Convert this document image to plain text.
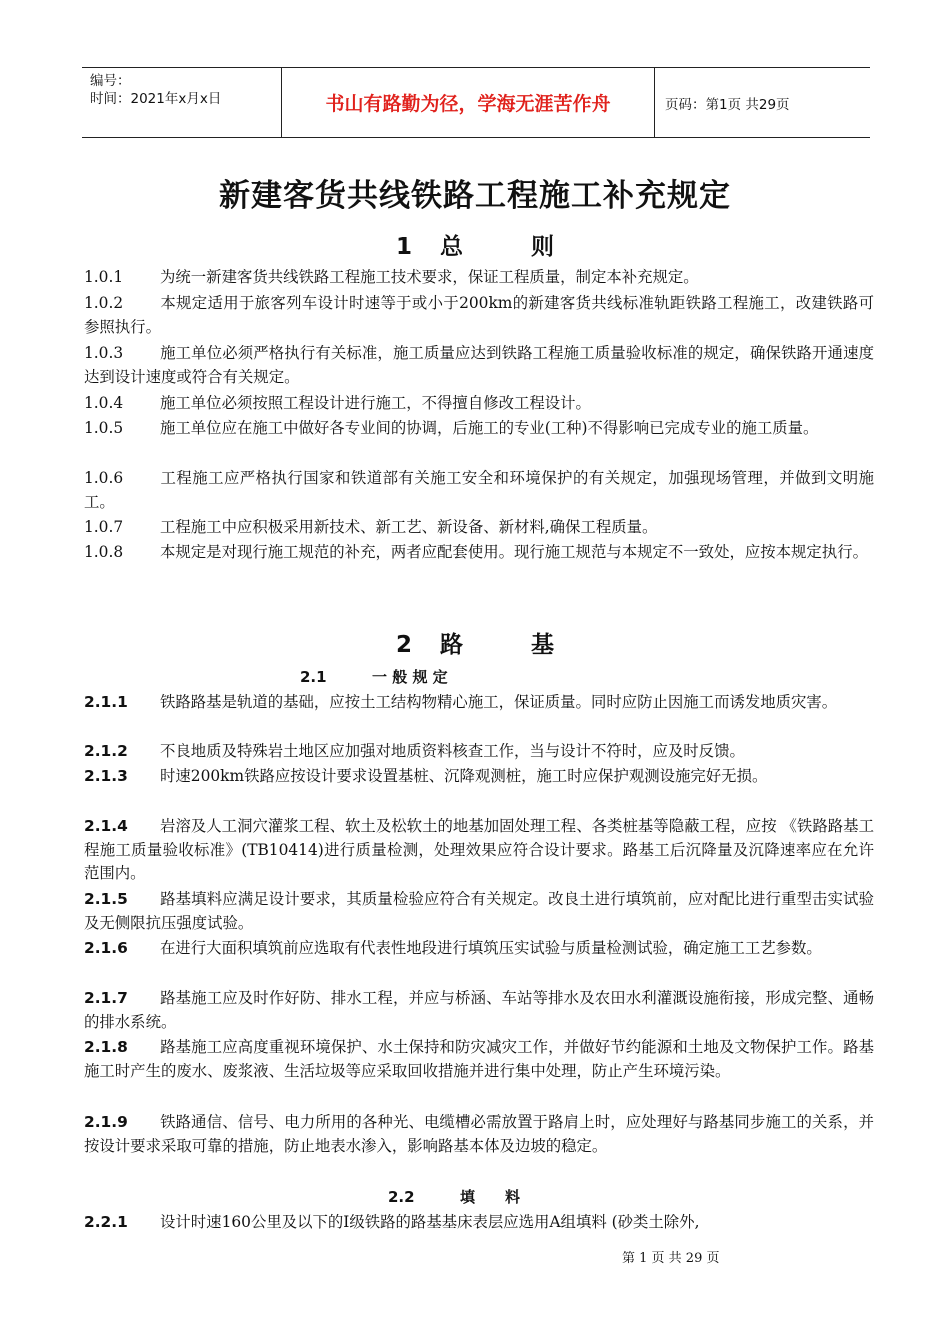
编号：
时间：2021年x月x日	书山有路勤为径，学海无涯苦作舟	页码：第1页 共29页
新建客货共线铁路工程施工补充规定
1 总	则
1.0.1 为统一新建客货共线铁路工程施工技术要求，保证工程质量，制定本补充规定。
1.0.2 本规定适用于旅客列车设计时速等于或小于200km的新建客货共线标准轨距铁路工程施工，改建铁路可参照执行。
1.0.3 施工单位必须严格执行有关标准，施工质量应达到铁路工程施工质量验收标准的规定，确保铁路开通速度达到设计速度或符合有关规定。
1.0.4 施工单位必须按照工程设计进行施工，不得擅自修改工程设计。
1.0.5 施工单位应在施工中做好各专业间的协调，后施工的专业(工种)不得影响已完成专业的施工质量。
1.0.6 工程施工应严格执行国家和铁道部有关施工安全和环境保护的有关规定，加强现场管理，并做到文明施工。
1.0.7 工程施工中应积极采用新技术、新工艺、新设备、新材料,确保工程质量。
1.0.8 本规定是对现行施工规范的补充，两者应配套使用。现行施工规范与本规定不一致处，应按本规定执行。
2 路	基
2.1	一 般 规 定
2.1.1 铁路路基是轨道的基础，应按土工结构物精心施工，保证质量。同时应防止因施工而诱发地质灾害。
2.1.2 不良地质及特殊岩土地区应加强对地质资料核查工作，当与设计不符时，应及时反馈。
2.1.3 时速200km铁路应按设计要求设置基桩、沉降观测桩，施工时应保护观测设施完好无损。
2.1.4 岩溶及人工洞穴灌浆工程、软土及松软土的地基加固处理工程、各类桩基等隐蔽工程，应按 《铁路路基工程施工质量验收标准》(TB10414)进行质量检测，处理效果应符合设计要求。路基工后沉降量及沉降速率应在允许范围内。
2.1.5 路基填料应满足设计要求，其质量检验应符合有关规定。改良土进行填筑前，应对配比进行重型击实试验及无侧限抗压强度试验。
2.1.6 在进行大面积填筑前应选取有代表性地段进行填筑压实试验与质量检测试验，确定施工工艺参数。
2.1.7 路基施工应及时作好防、排水工程，并应与桥涵、车站等排水及农田水利灌溉设施衔接，形成完整、通畅的排水系统。
2.1.8 路基施工应高度重视环境保护、水土保持和防灾减灾工作，并做好节约能源和土地及文物保护工作。路基施工时产生的废水、废浆液、生活垃圾等应采取回收措施并进行集中处理，防止产生环境污染。
2.1.9 铁路通信、信号、电力所用的各种光、电缆槽必需放置于路肩上时，应处理好与路基同步施工的关系，并按设计要求采取可靠的措施，防止地表水渗入，影响路基本体及边坡的稳定。
2.2	填　　料
2.2.1 设计时速160公里及以下的Ⅰ级铁路的路基基床表层应选用A组填料 (砂类土除外,
第 1 页 共 29 页
